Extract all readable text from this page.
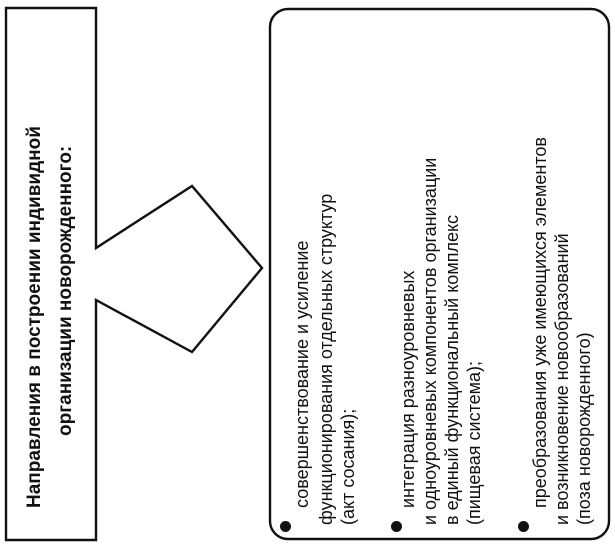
Направления в построении индивидной организации новорожденного:	совершенствование и усиление функционирования отдельных структур (акт сосания); интеграция разноуровневых и одноуровневых компонентов организации в единый функциональный комплекс (пищевая система);	преобразования уже имеющихся элементов и возникновение новообразований (поза новорожденного)
